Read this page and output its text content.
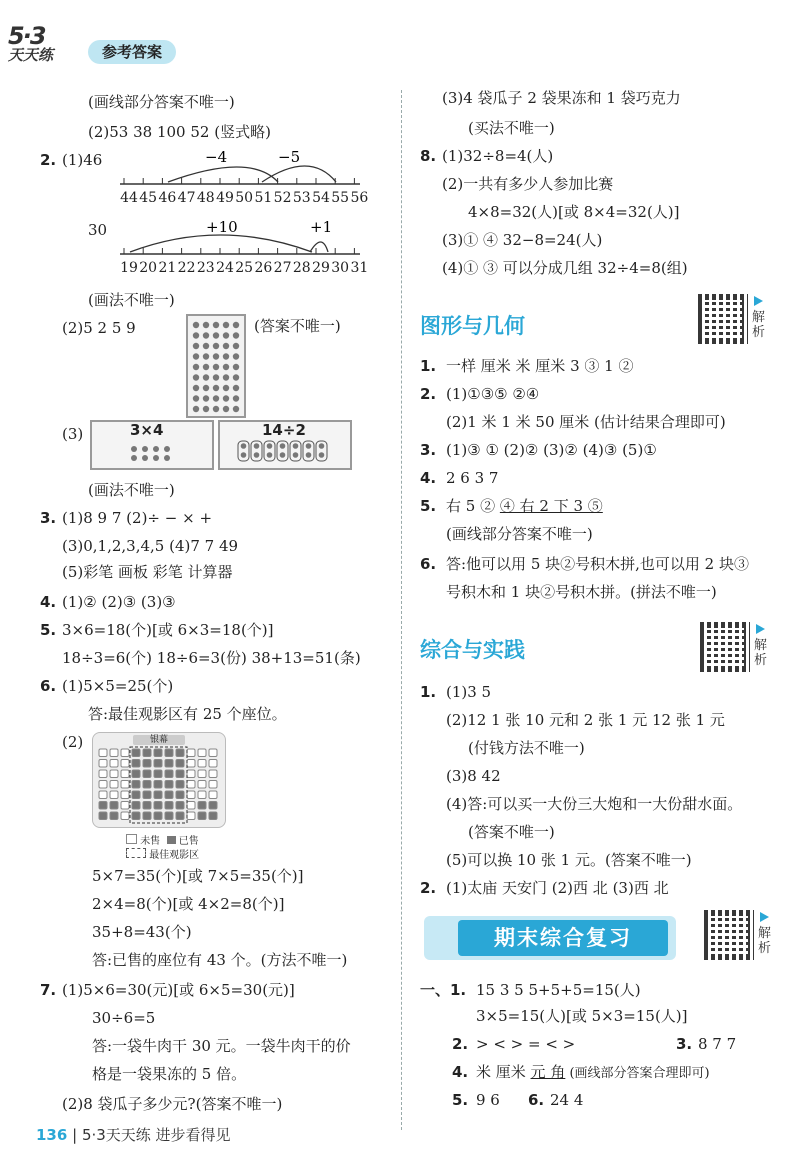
5·3
天天练	参考答案
(画线部分答案不唯一)
(2)53 38 100 52 (竖式略)
2. (1)46	−4	−5
44 45 46 47 48 49 50 51 52 53 54 55 56
30	+10	+1
19 20 21 22 23 24 25 26 27 28 29 30 31
(画法不唯一)
(2)5 2 5 9	(答案不唯一)
(3)	3×4	14÷2
(画法不唯一)
3. (1)8 9 7 (2)÷ − × +
(3)0,1,2,3,4,5 (4)7 7 49
(5)彩笔 画板 彩笔 计算器
4. (1)② (2)③ (3)③
5. 3×6=18(个)[或 6×3=18(个)]
18÷3=6(个) 18÷6=3(份) 38+13=51(条)
6. (1)5×5=25(个)
答:最佳观影区有 25 个座位。
(2)	银幕
未售 已售
最佳观影区
5×7=35(个)[或 7×5=35(个)]
2×4=8(个)[或 4×2=8(个)]
35+8=43(个)
答:已售的座位有 43 个。(方法不唯一)
7. (1)5×6=30(元)[或 6×5=30(元)]
30÷6=5
答:一袋牛肉干 30 元。一袋牛肉干的价
格是一袋果冻的 5 倍。
(2)8 袋瓜子多少元?(答案不唯一)
(3)4 袋瓜子 2 袋果冻和 1 袋巧克力
(买法不唯一)
8. (1)32÷8=4(人)
(2)一共有多少人参加比赛
4×8=32(人)[或 8×4=32(人)]
(3)① ④ 32−8=24(人)
(4)① ③ 可以分成几组 32÷4=8(组)
图形与几何	解析
1. 一样 厘米 米 厘米 3 ③ 1 ②
2. (1)①③⑤ ②④
(2)1 米 1 米 50 厘米 (估计结果合理即可)
3. (1)③ ① (2)② (3)② (4)③ (5)①
4. 2 6 3 7
5. 右 5 ② ④ 右 2 下 3 ⑤
(画线部分答案不唯一)
6. 答:他可以用 5 块②号积木拼,也可以用 2 块③
号积木和 1 块②号积木拼。(拼法不唯一)
综合与实践	解析
1. (1)3 5
(2)12 1 张 10 元和 2 张 1 元 12 张 1 元
(付钱方法不唯一)
(3)8 42
(4)答:可以买一大份三大炮和一大份甜水面。
(答案不唯一)
(5)可以换 10 张 1 元。(答案不唯一)
2. (1)太庙 天安门 (2)西 北 (3)西 北
期末综合复习	解析
一、1. 15 3 5 5+5+5=15(人)
3×5=15(人)[或 5×3=15(人)]
2. > < > = < >	3. 8 7 7
4. 米 厘米 元 角 (画线部分答案合理即可)
5. 9 6 6. 24 4
136 | 5·3天天练 进步看得见
